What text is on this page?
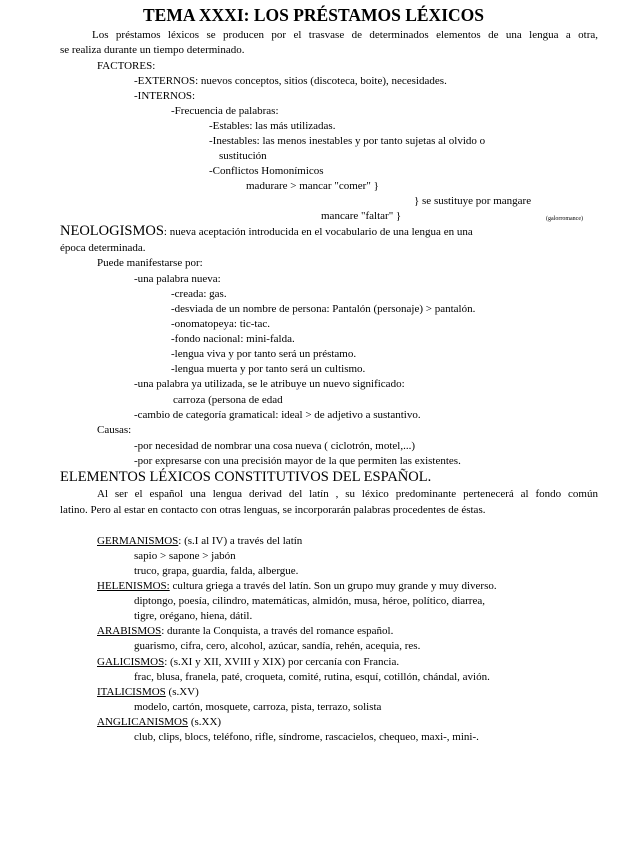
TEMA XXXI: LOS PRÉSTAMOS LÉXICOS
Los préstamos léxicos se producen por el trasvase de determinados elementos de una lengua a otra,
se realiza durante un tiempo determinado.
FACTORES:
-EXTERNOS: nuevos conceptos, sitios (discoteca, boite), necesidades.
-INTERNOS:
-Frecuencia de palabras:
-Estables: las más utilizadas.
-Inestables: las menos inestables y por tanto sujetas al olvido o
sustitución
-Conflictos Homonímicos
madurare > mancar "comer" }
} se sustituye por mangare
mancare "faltar" }	(galorromance)
NEOLOGISMOS: nueva aceptación introducida en el vocabulario de una lengua en una
época determinada.
Puede manifestarse por:
-una palabra nueva:
-creada: gas.
-desviada de un nombre de persona: Pantalón (personaje) > pantalón.
-onomatopeya: tic-tac.
-fondo nacional: mini-falda.
-lengua viva y por tanto será un préstamo.
-lengua muerta y por tanto será un cultismo.
-una palabra ya utilizada, se le atribuye un nuevo significado:
carroza (persona de edad
-cambio de categoría gramatical: ideal > de adjetivo a sustantivo.
Causas:
-por necesidad de nombrar una cosa nueva ( ciclotrón, motel,...)
-por expresarse con una precisión mayor de la que permiten las existentes.
ELEMENTOS LÉXICOS CONSTITUTIVOS DEL ESPAÑOL.
Al ser el español una lengua derivad del latín , su léxico predominante pertenecerá al fondo común
latino. Pero al estar en contacto con otras lenguas, se incorporarán palabras procedentes de éstas.
GERMANISMOS: (s.I al IV) a través del latín
sapio > sapone > jabón
truco, grapa, guardia, falda, albergue.
HELENISMOS: cultura griega a través del latín. Son un grupo muy grande y muy diverso.
diptongo, poesía, cilindro, matemáticas, almidón, musa, héroe, político, diarrea,
tigre, orégano, hiena, dátil.
ARABISMOS: durante la Conquista, a través del romance español.
guarismo, cifra, cero, alcohol, azúcar, sandía, rehén, acequia, res.
GALICISMOS: (s.XI y XII, XVIII y XIX) por cercanía con Francia.
frac, blusa, franela, paté, croqueta, comité, rutina, esquí, cotillón, chándal, avión.
ITALICISMOS (s.XV)
modelo, cartón, mosquete, carroza, pista, terrazo, solista
ANGLICANISMOS (s.XX)
club, clips, blocs, teléfono, rifle, síndrome, rascacielos, chequeo, maxi-, mini-.
